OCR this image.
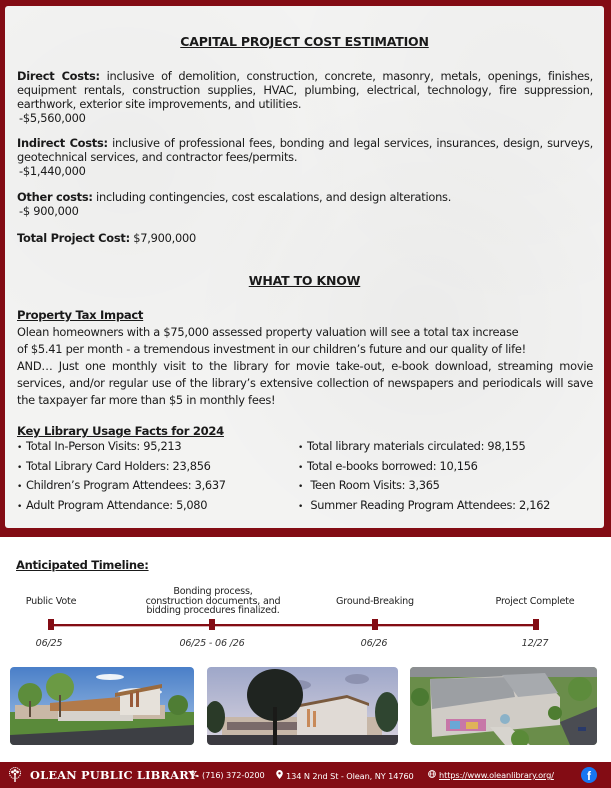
CAPITAL PROJECT COST ESTIMATION
Direct Costs: inclusive of demolition, construction, concrete, masonry, metals, openings, finishes, equipment rentals, construction supplies, HVAC, plumbing, electrical, technology, fire suppression, earthwork, exterior site improvements, and utilities.
-$5,560,000
Indirect Costs: inclusive of professional fees, bonding and legal services, insurances, design, surveys, geotechnical services, and contractor fees/permits.
-$1,440,000
Other costs: including contingencies, cost escalations, and design alterations.
-$ 900,000
Total Project Cost: $7,900,000
WHAT TO KNOW
Property Tax Impact
Olean homeowners with a $75,000 assessed property valuation will see a total tax increase
of $5.41 per month - a tremendous investment in our children’s future and our quality of life!
AND… Just one monthly visit to the library for movie take-out, e-book download, streaming movie services, and/or regular use of the library’s extensive collection of newspapers and periodicals will save the taxpayer far more than $5 in monthly fees!
Key Library Usage Facts for 2024
• Total In-Person Visits: 95,213
• Total Library Card Holders: 23,856
• Children’s Program Attendees: 3,637
• Adult Program Attendance: 5,080
• Total library materials circulated: 98,155
• Total e-books borrowed: 10,156
• Teen Room Visits: 3,365
• Summer Reading Program Attendees: 2,162
Anticipated Timeline:
Public Vote
Bonding process,
construction documents, and
bidding procedures finalized.
Ground-Breaking	Project Complete
06/25	06/25 - 06 /26	06/26	12/27
OLEAN PUBLIC LIBRARY (716) 372-0200	134 N 2nd St - Olean, NY 14760	https://www.oleanlibrary.org/	f
